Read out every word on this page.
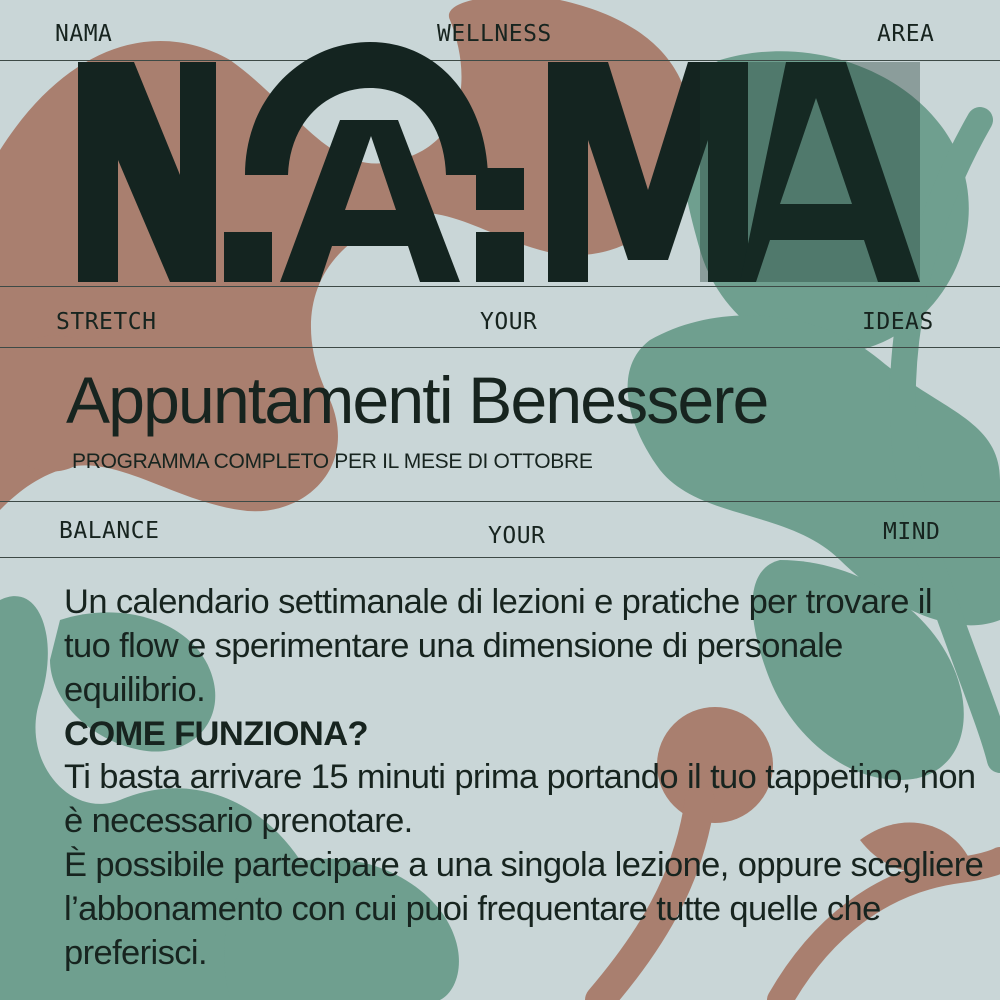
NAMA	WELLNESS	AREA
STRETCH	YOUR	IDEAS
Appuntamenti Benessere

PROGRAMMA COMPLETO PER IL MESE DI OTTOBRE

BALANCE	YOUR	MIND

Un calendario settimanale di lezioni e pratiche per trovare il tuo flow e sperimentare una dimensione di personale equilibrio.

COME FUNZIONA?

Ti basta arrivare 15 minuti prima portando il tuo tappetino, non è necessario prenotare.

È possibile partecipare a una singola lezione, oppure scegliere l’abbonamento con cui puoi frequentare tutte quelle che preferisci.
